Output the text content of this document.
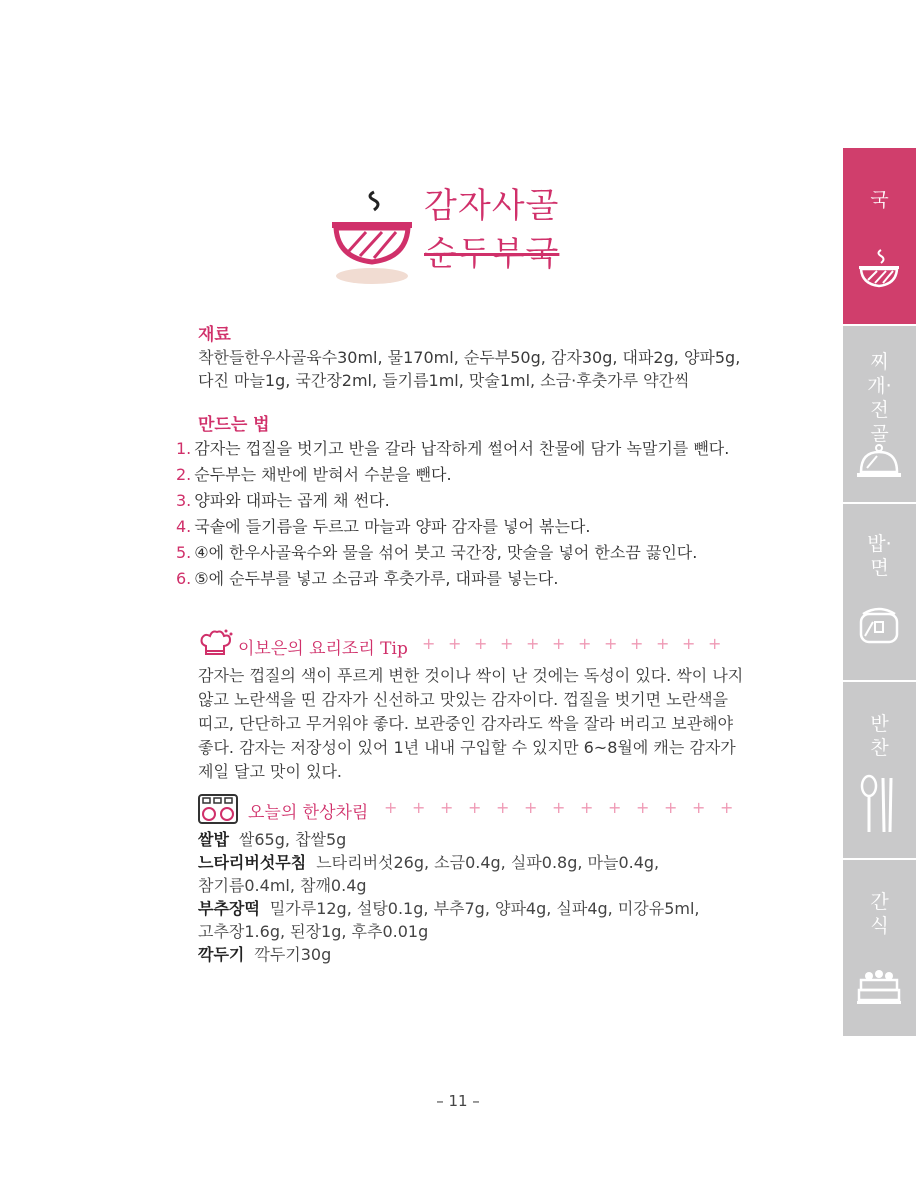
감자사골
순두부국
재료
착한들한우사골육수30ml, 물170ml, 순두부50g, 감자30g, 대파2g, 양파5g,
다진 마늘1g, 국간장2ml, 들기름1ml, 맛술1ml, 소금·후춧가루 약간씩
만드는 법
1. 감자는 껍질을 벗기고 반을 갈라 납작하게 썰어서 찬물에 담가 녹말기를 뺀다.
2. 순두부는 채반에 받혀서 수분을 뺀다.
3. 양파와 대파는 곱게 채 썬다.
4. 국솥에 들기름을 두르고 마늘과 양파 감자를 넣어 볶는다.
5. ④에 한우사골육수와 물을 섞어 붓고 국간장, 맛술을 넣어 한소끔 끓인다.
6. ⑤에 순두부를 넣고 소금과 후춧가루, 대파를 넣는다.
이보은의 요리조리 Tip + + + + + + + + + + + +
감자는 껍질의 색이 푸르게 변한 것이나 싹이 난 것에는 독성이 있다. 싹이 나지
않고 노란색을 띤 감자가 신선하고 맛있는 감자이다. 껍질을 벗기면 노란색을
띠고, 단단하고 무거워야 좋다. 보관중인 감자라도 싹을 잘라 버리고 보관해야
좋다. 감자는 저장성이 있어 1년 내내 구입할 수 있지만 6~8월에 캐는 감자가
제일 달고 맛이 있다.
오늘의 한상차림 + + + + + + + + + + + + +
쌀밥 쌀65g, 찹쌀5g
느타리버섯무침 느타리버섯26g, 소금0.4g, 실파0.8g, 마늘0.4g,
참기름0.4ml, 참깨0.4g
부추장떡 밀가루12g, 설탕0.1g, 부추7g, 양파4g, 실파4g, 미강유5ml,
고추장1.6g, 된장1g, 후추0.01g
깍두기 깍두기30g
– 11 –
국
찌개·전골
밥·면
반찬
간식
